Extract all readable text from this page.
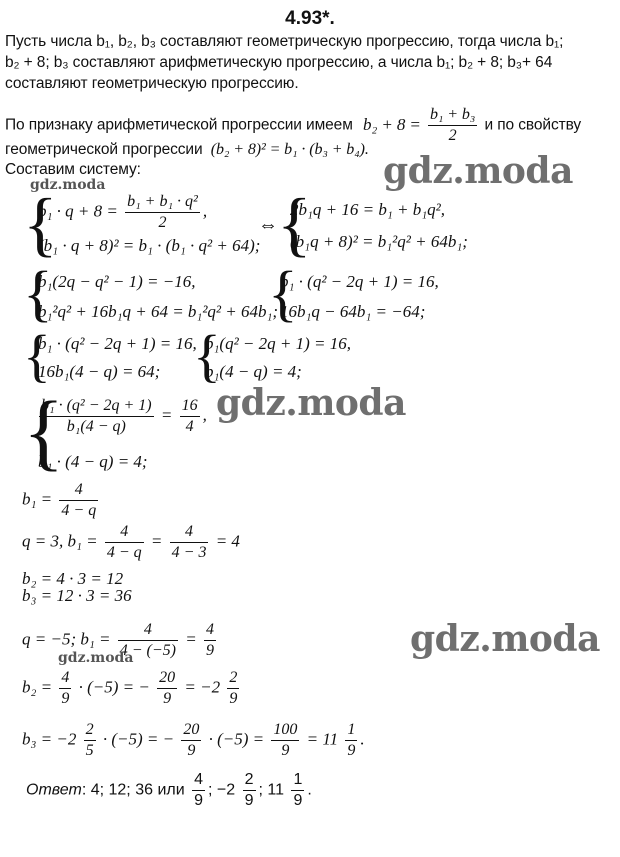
4.93*.
Пусть числа b₁, b₂, b₃ составляют геометрическую прогрессию, тогда числа b₁;
b₂ + 8; b₃ составляют арифметическую прогрессию, а числа b₁; b₂ + 8; b₃+ 64
составляют геометрическую прогрессию.
По признаку арифметической прогрессии имеем $b_2 + 8 = \frac{\text{b₁ + b₃}}{2}$ и по свойству
геометрической прогрессии (b₂ + 8)² = b₁ · (b₃ + b₄).
Составим систему:
gdz.moda	gdz.moda
{
$b_1 \cdot q + 8 = \frac{\text{b₁ + b₁ · q²}}{2}$ ,
(b₁ · q + 8)² = b₁ · (b₁ · q² + 64);
⇔ {
2b₁q + 16 = b₁ + b₁q²,
(b₁q + 8)² = b₁²q² + 64b₁;
{
b₁(2q − q² − 1) = −16,
b₁²q² + 16b₁q + 64 = b₁²q² + 64b₁;
{
b₁ · (q² − 2q + 1) = 16,
16b₁q − 64b₁ = −64;
{
b₁ · (q² − 2q + 1) = 16,
16b₁(4 − q) = 64; {
b₁(q² − 2q + 1) = 16,
b₁(4 − q) = 4;
{
$\frac{\text{b₁ · (q² − 2q + 1)}}{\text{b₁(4 − q)}} = \frac{16}{4}$ ,
b₁ · (4 − q) = 4;
gdz.moda
$b_1 = \frac{4}{4 - q}$
q = 3, $b_1 = \frac{4}{4 - q} = \frac{4}{4 - 3} = 4$
b₂ = 4 · 3 = 12
b₃ = 12 · 3 = 36
q = −5; $b_1 = \frac{4}{4 - (-5)} = \frac{4}{9}$
gdz.moda	gdz.moda
$b_2 = \frac{4}{9} \cdot (-5)$ = − $\frac{20}{9} = -2 \frac{2}{9}$
$b_3 = -2 \frac{2}{5} \cdot (-5)$ = − $\frac{20}{9} \cdot (-5) = \frac{100}{9} = 11 \frac{1}{9}$ .
Ответ: 4; 12; 36 или $\frac{4}{9}$ ; $-2 \frac{2}{9}$ ; $11 \frac{1}{9}$ .
